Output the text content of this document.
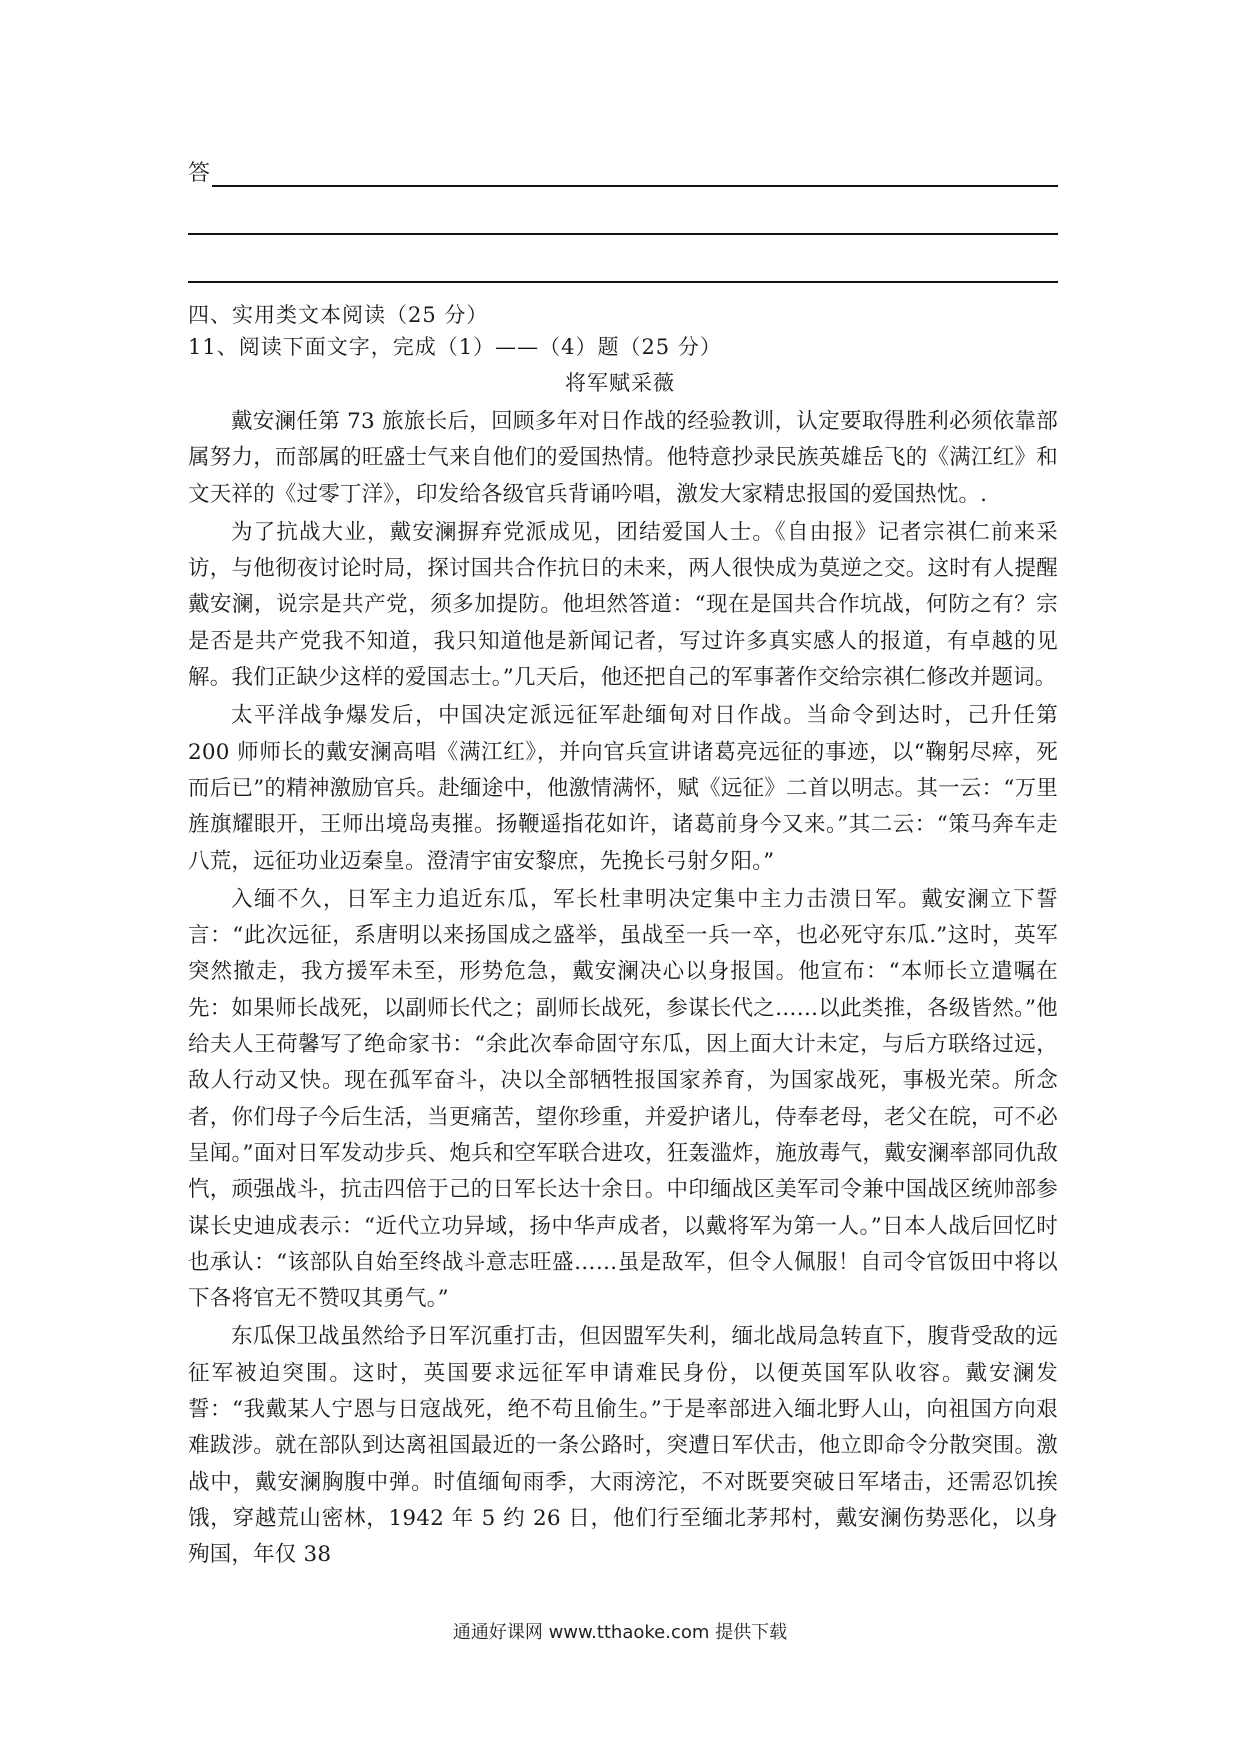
答
四、实用类文本阅读（25 分）
11、阅读下面文字，完成（1）——（4）题（25 分）
将军赋采薇

戴安澜任第 73 旅旅长后，回顾多年对日作战的经验教训，认定要取得胜利必须依靠部属努力，而部属的旺盛士气来自他们的爱国热情。他特意抄录民族英雄岳飞的《满江红》和文天祥的《过零丁洋》，印发给各级官兵背诵吟唱，激发大家精忠报国的爱国热忱。.

为了抗战大业，戴安澜摒弃党派成见，团结爱国人士。《自由报》记者宗祺仁前来采访，与他彻夜讨论时局，探讨国共合作抗日的未来，两人很快成为莫逆之交。这时有人提醒戴安澜，说宗是共产党，须多加提防。他坦然答道：“现在是国共合作坑战，何防之有？宗是否是共产党我不知道，我只知道他是新闻记者，写过许多真实感人的报道，有卓越的见解。我们正缺少这样的爱国志士。”几天后，他还把自己的军事著作交给宗祺仁修改并题词。

太平洋战争爆发后，中国决定派远征军赴缅甸对日作战。当命令到达时，己升任第 200 师师长的戴安澜高唱《满江红》，并向官兵宣讲诸葛亮远征的事迹，以“鞠躬尽瘁，死而后已”的精神激励官兵。赴缅途中，他激情满怀，赋《远征》二首以明志。其一云：“万里旌旗耀眼开，王师出境岛夷摧。扬鞭遥指花如许，诸葛前身今又来。”其二云：“策马奔车走八荒，远征功业迈秦皇。澄清宇宙安黎庶，先挽长弓射夕阳。”

入缅不久，日军主力追近东瓜，军长杜聿明决定集中主力击溃日军。戴安澜立下誓言：“此次远征，系唐明以来扬国成之盛举，虽战至一兵一卒，也必死守东瓜.”这时，英军突然撤走，我方援军未至，形势危急，戴安澜决心以身报国。他宣布：“本师长立遣嘱在先：如果师长战死，以副师长代之；副师长战死，参谋长代之……以此类推，各级皆然。”他给夫人王荷馨写了绝命家书：“余此次奉命固守东瓜，因上面大计未定，与后方联络过远，敌人行动又快。现在孤军奋斗，决以全部牺牲报国家养育，为国家战死，事极光荣。所念者，你们母子今后生活，当更痛苦，望你珍重，并爱护诸儿，侍奉老母，老父在皖，可不必呈闻。”面对日军发动步兵、炮兵和空军联合进攻，狂轰滥炸，施放毒气，戴安澜率部同仇敌忾，顽强战斗，抗击四倍于己的日军长达十余日。中印缅战区美军司令兼中国战区统帅部参谋长史迪成表示：“近代立功异域，扬中华声成者，以戴将军为第一人。”日本人战后回忆时也承认：“该部队自始至终战斗意志旺盛……虽是敌军，但令人佩服！自司令官饭田中将以下各将官无不赞叹其勇气。”

东瓜保卫战虽然给予日军沉重打击，但因盟军失利，缅北战局急转直下，腹背受敌的远征军被迫突围。这时，英国要求远征军申请难民身份，以便英国军队收容。戴安澜发誓：“我戴某人宁恩与日寇战死，绝不苟且偷生。”于是率部进入缅北野人山，向祖国方向艰难跋涉。就在部队到达离祖国最近的一条公路时，突遭日军伏击，他立即命令分散突围。激战中，戴安澜胸腹中弹。时值缅甸雨季，大雨滂沱，不对既要突破日军堵击，还需忍饥挨饿，穿越荒山密林，1942 年 5 约 26 日，他们行至缅北茅邦村，戴安澜伤势恶化，以身殉国，年仅 38

通通好课网 www.tthaoke.com 提供下载
